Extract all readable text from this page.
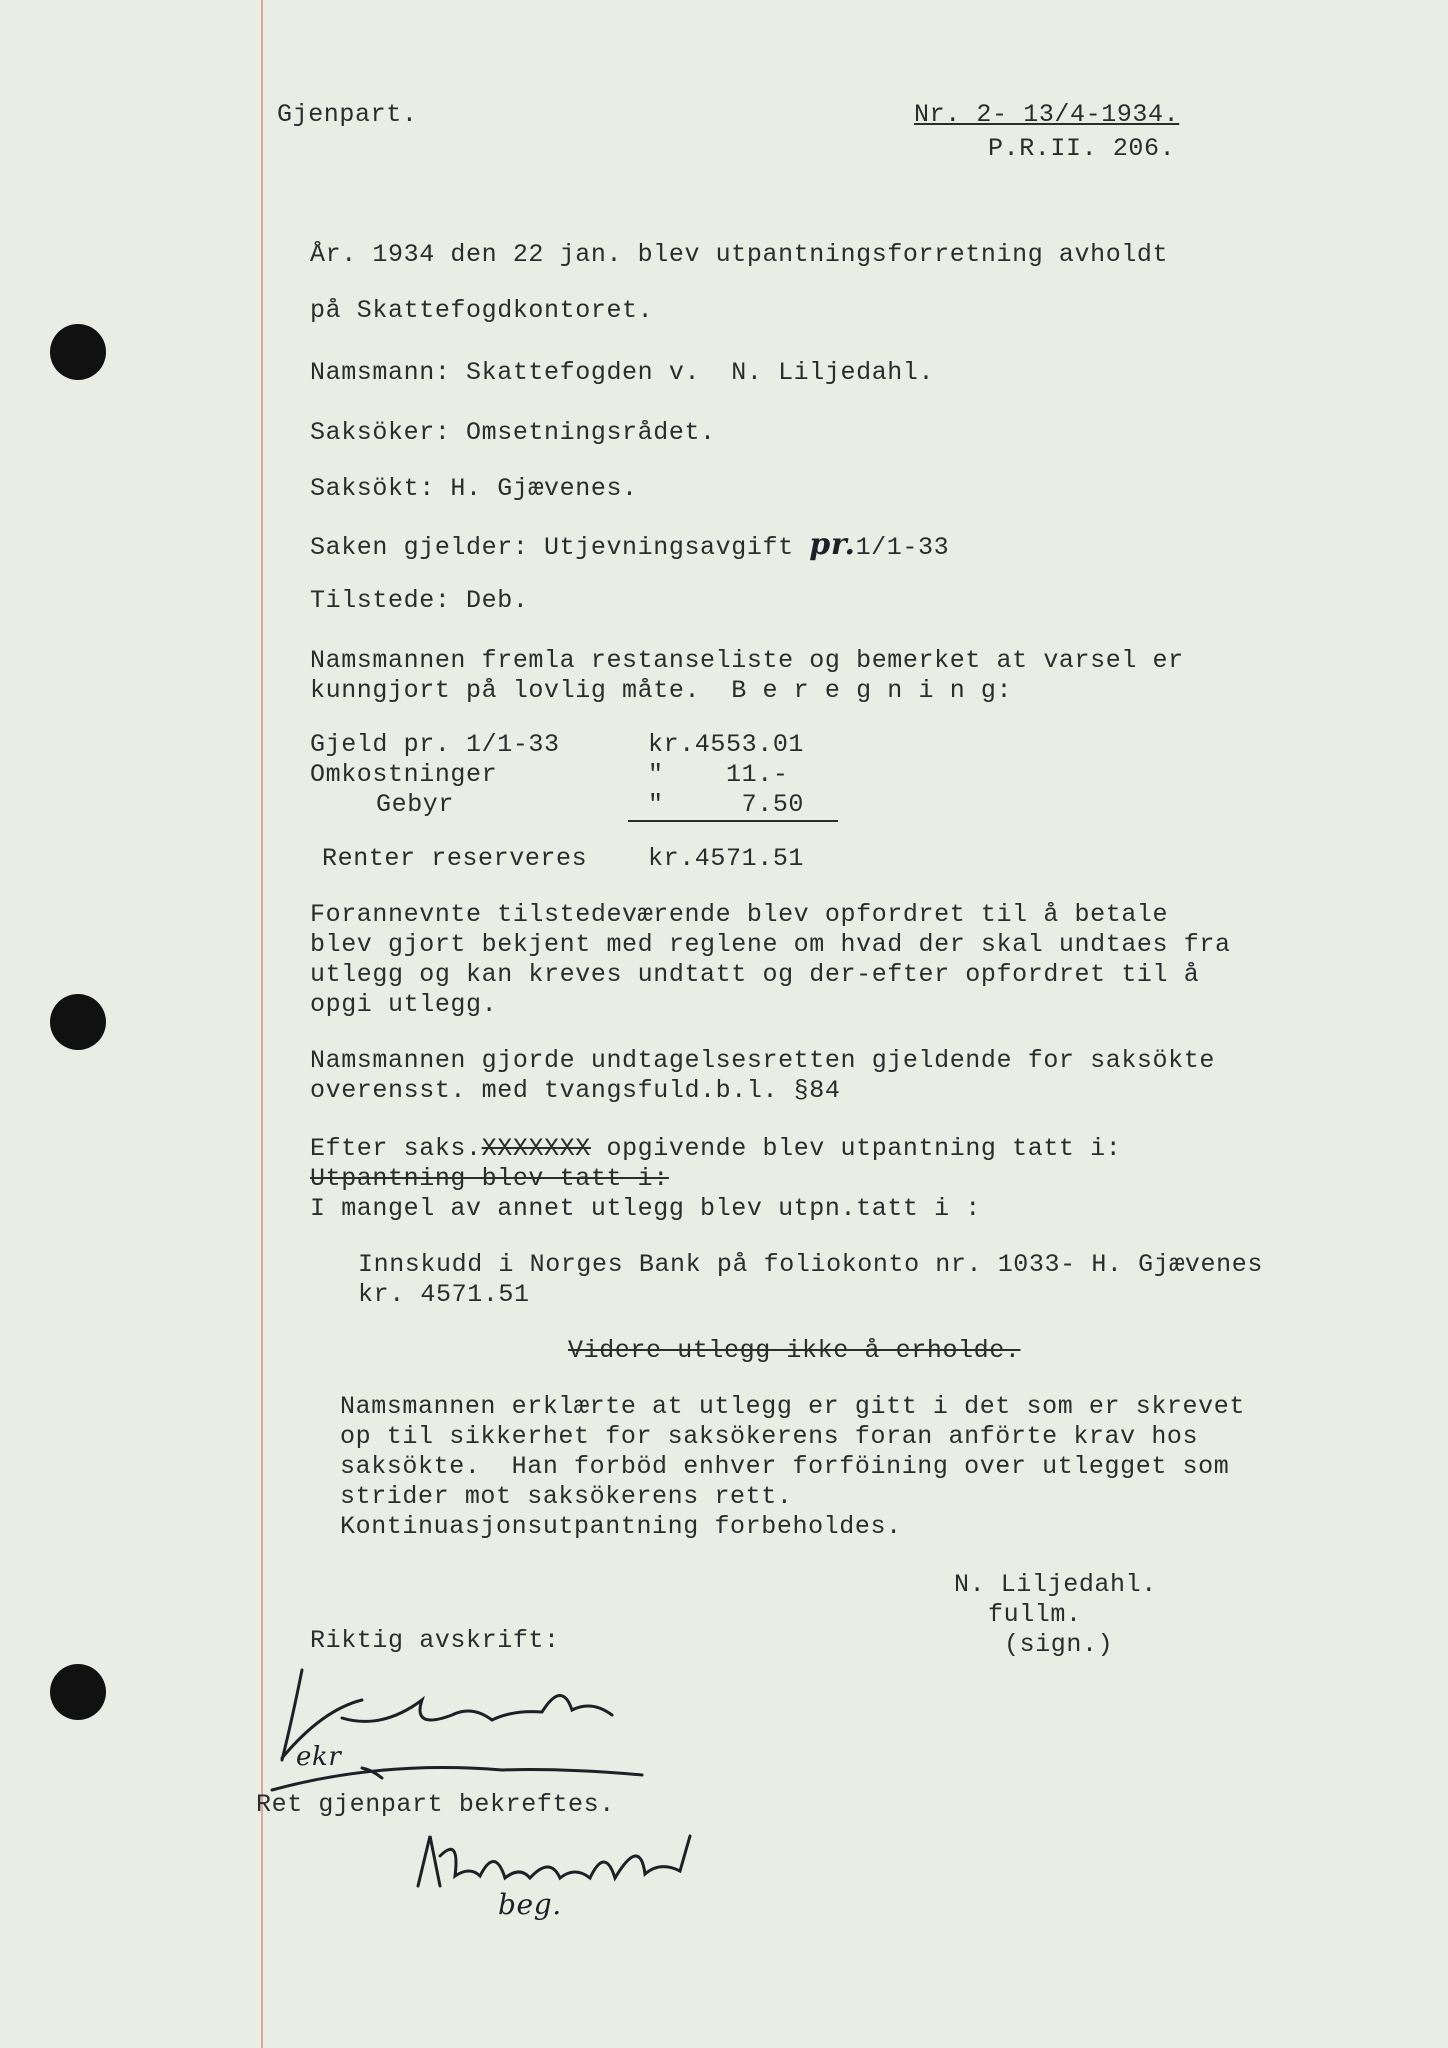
Gjenpart.	Nr. 2- 13/4-1934.
P.R.II. 206.
År. 1934 den 22 jan. blev utpantningsforretning avholdt
på Skattefogdkontoret.
Namsmann: Skattefogden v.  N. Liljedahl.
Saksöker: Omsetningsrådet.
Saksökt: H. Gjævenes.
Saken gjelder: Utjevningsavgift pr.1/1-33
Tilstede: Deb.
Namsmannen fremla restanseliste og bemerket at varsel er
kunngjort på lovlig måte.  B e r e g n i n g:
Gjeld pr. 1/1-33	kr.4553.01
Omkostninger	"    11.-
Gebyr	"     7.50
Renter reserveres kr.4571.51
Forannevnte tilstedeværende blev opfordret til å betale
blev gjort bekjent med reglene om hvad der skal undtaes fra
utlegg og kan kreves undtatt og der-efter opfordret til å
opgi utlegg.
Namsmannen gjorde undtagelsesretten gjeldende for saksökte
overensst. med tvangsfuld.b.l. §84
Efter saks.XXXXXXX opgivende blev utpantning tatt i:
Utpantning blev tatt i:
I mangel av annet utlegg blev utpn.tatt i :
Innskudd i Norges Bank på foliokonto nr. 1033- H. Gjævenes
kr. 4571.51
Videre utlegg ikke å erholde.
Namsmannen erklærte at utlegg er gitt i det som er skrevet
op til sikkerhet for saksökerens foran anförte krav hos
saksökte.  Han forböd enhver forföining over utlegget som
strider mot saksökerens rett.
Kontinuasjonsutpantning forbeholdes.
N. Liljedahl.
fullm.
(sign.)
Riktig avskrift:
ekr
Ret gjenpart bekreftes.
beg.
